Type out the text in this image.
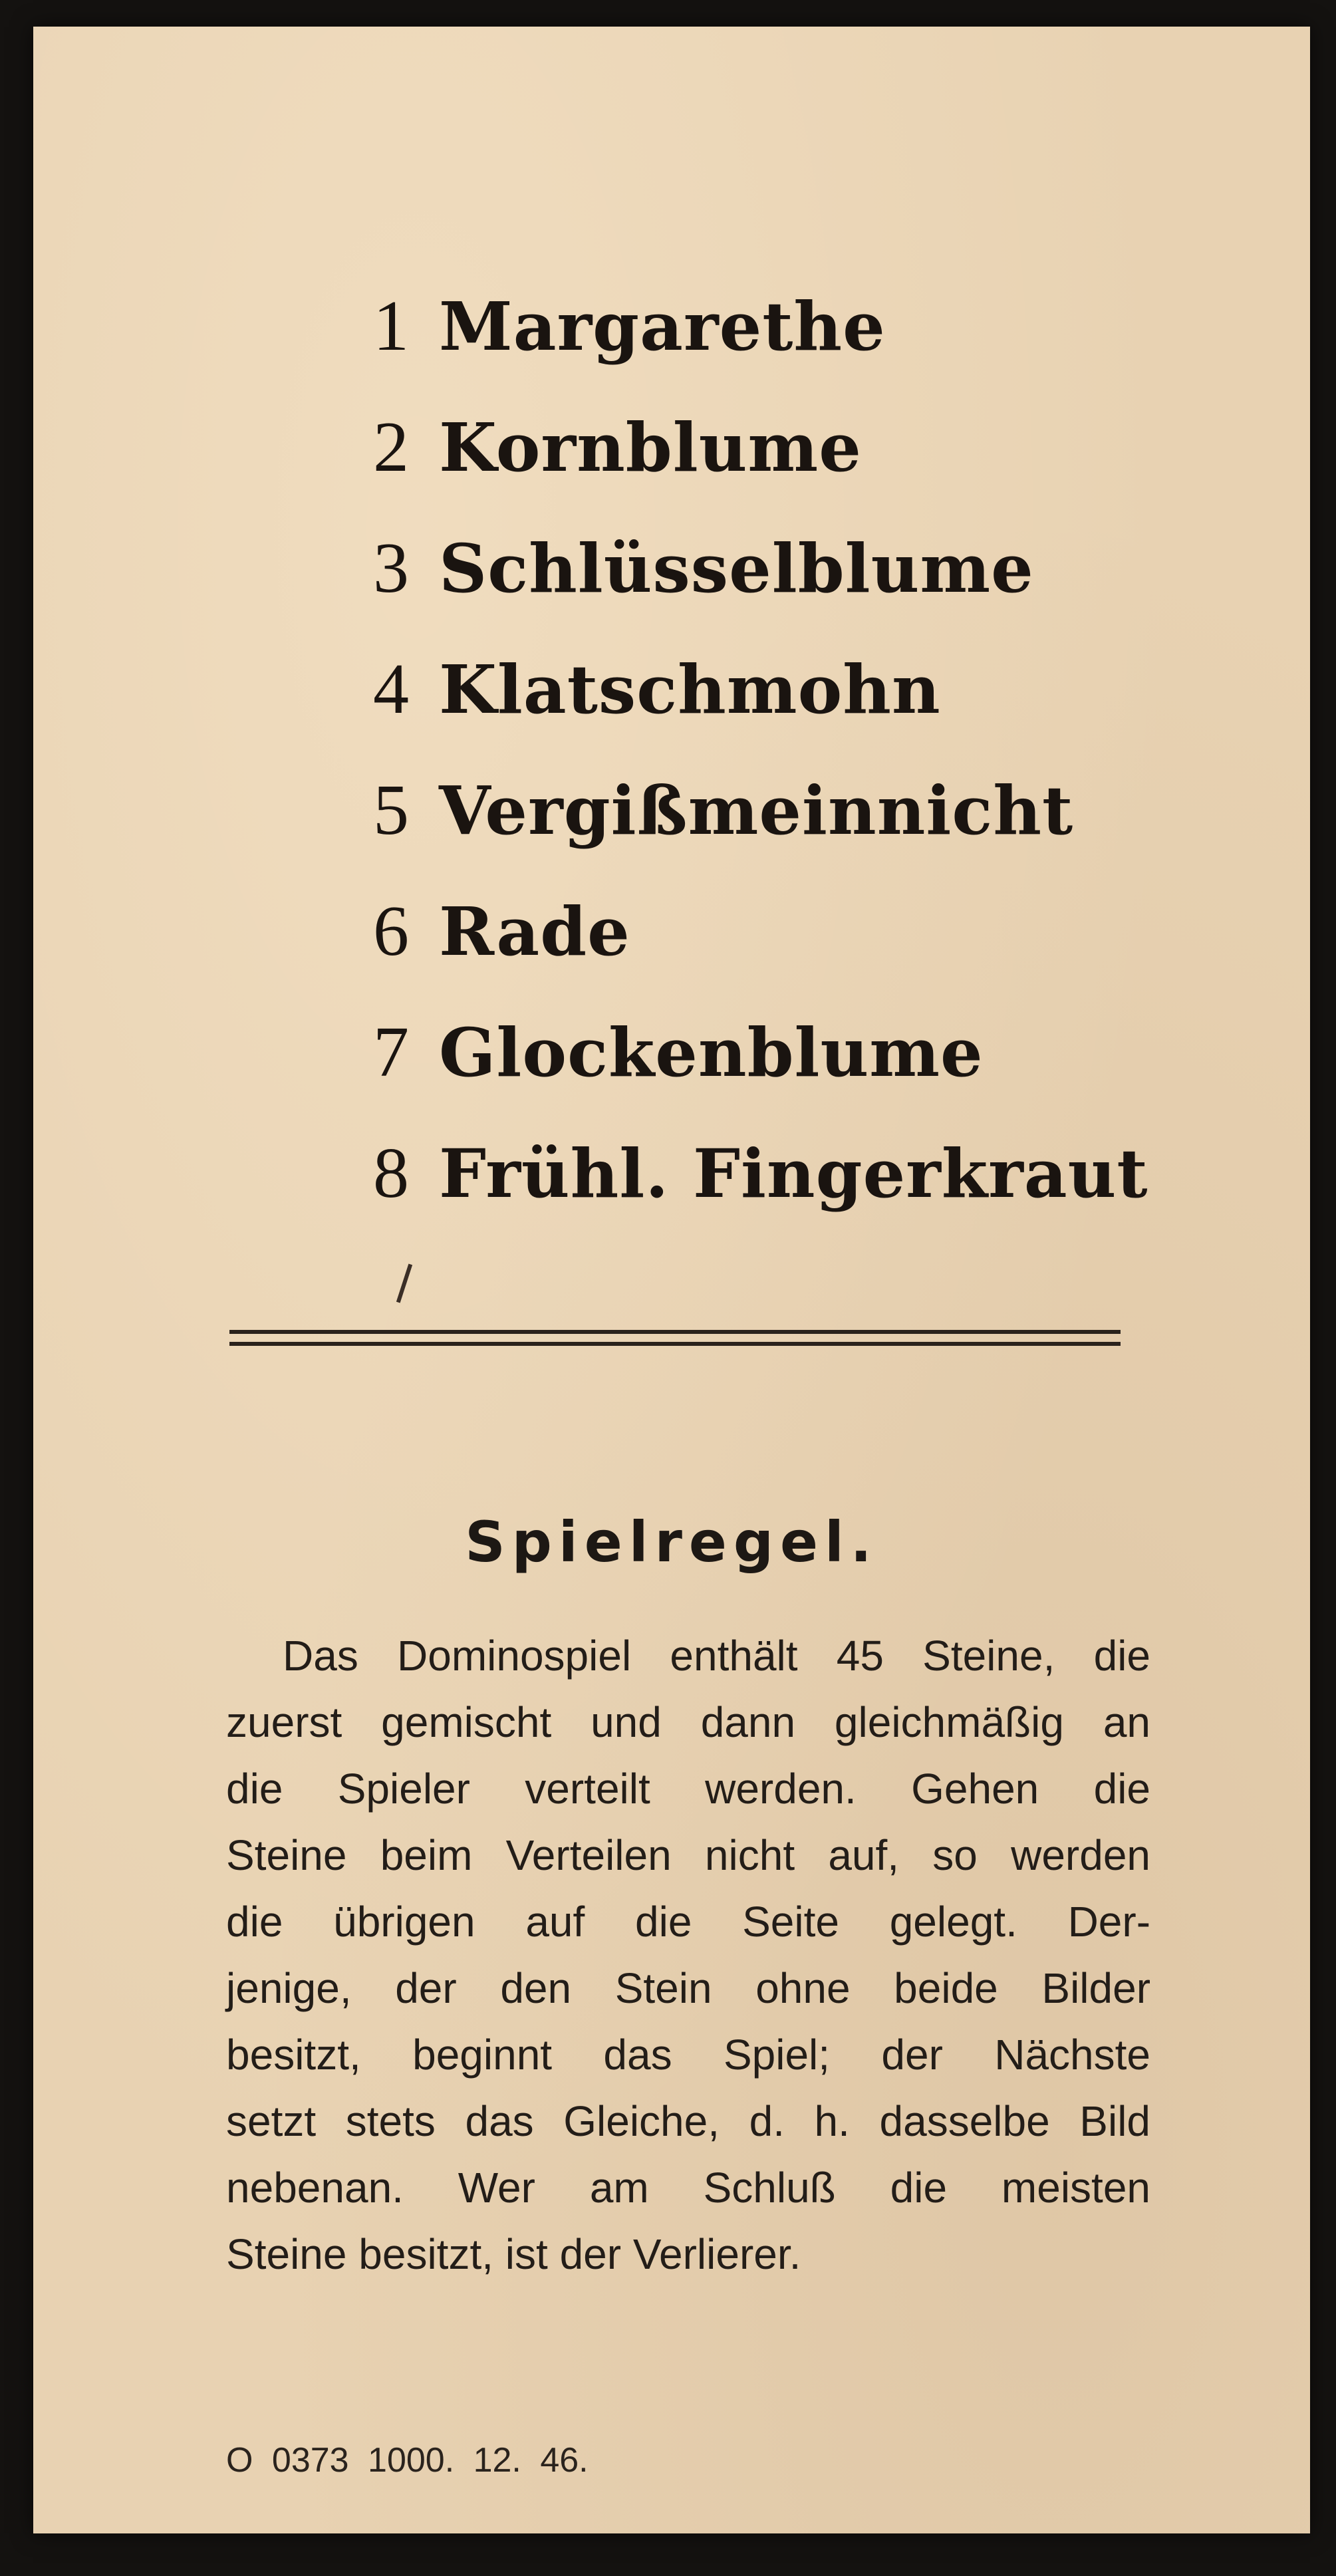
1 Margarethe
2 Kornblume
3 Schlüsselblume
4 Klatschmohn
5 Vergißmeinnicht
6 Rade
7 Glockenblume
8 Frühl. Fingerkraut
Spielregel.
Das Dominospiel enthält 45 Steine, die
zuerst gemischt und dann gleichmäßig an
die Spieler verteilt werden. Gehen die
Steine beim Verteilen nicht auf, so werden
die übrigen auf die Seite gelegt. Der-
jenige, der den Stein ohne beide Bilder
besitzt, beginnt das Spiel; der Nächste
setzt stets das Gleiche, d. h. dasselbe Bild
nebenan. Wer am Schluß die meisten
Steine besitzt, ist der Verlierer.
O 0373 1000. 12. 46.
